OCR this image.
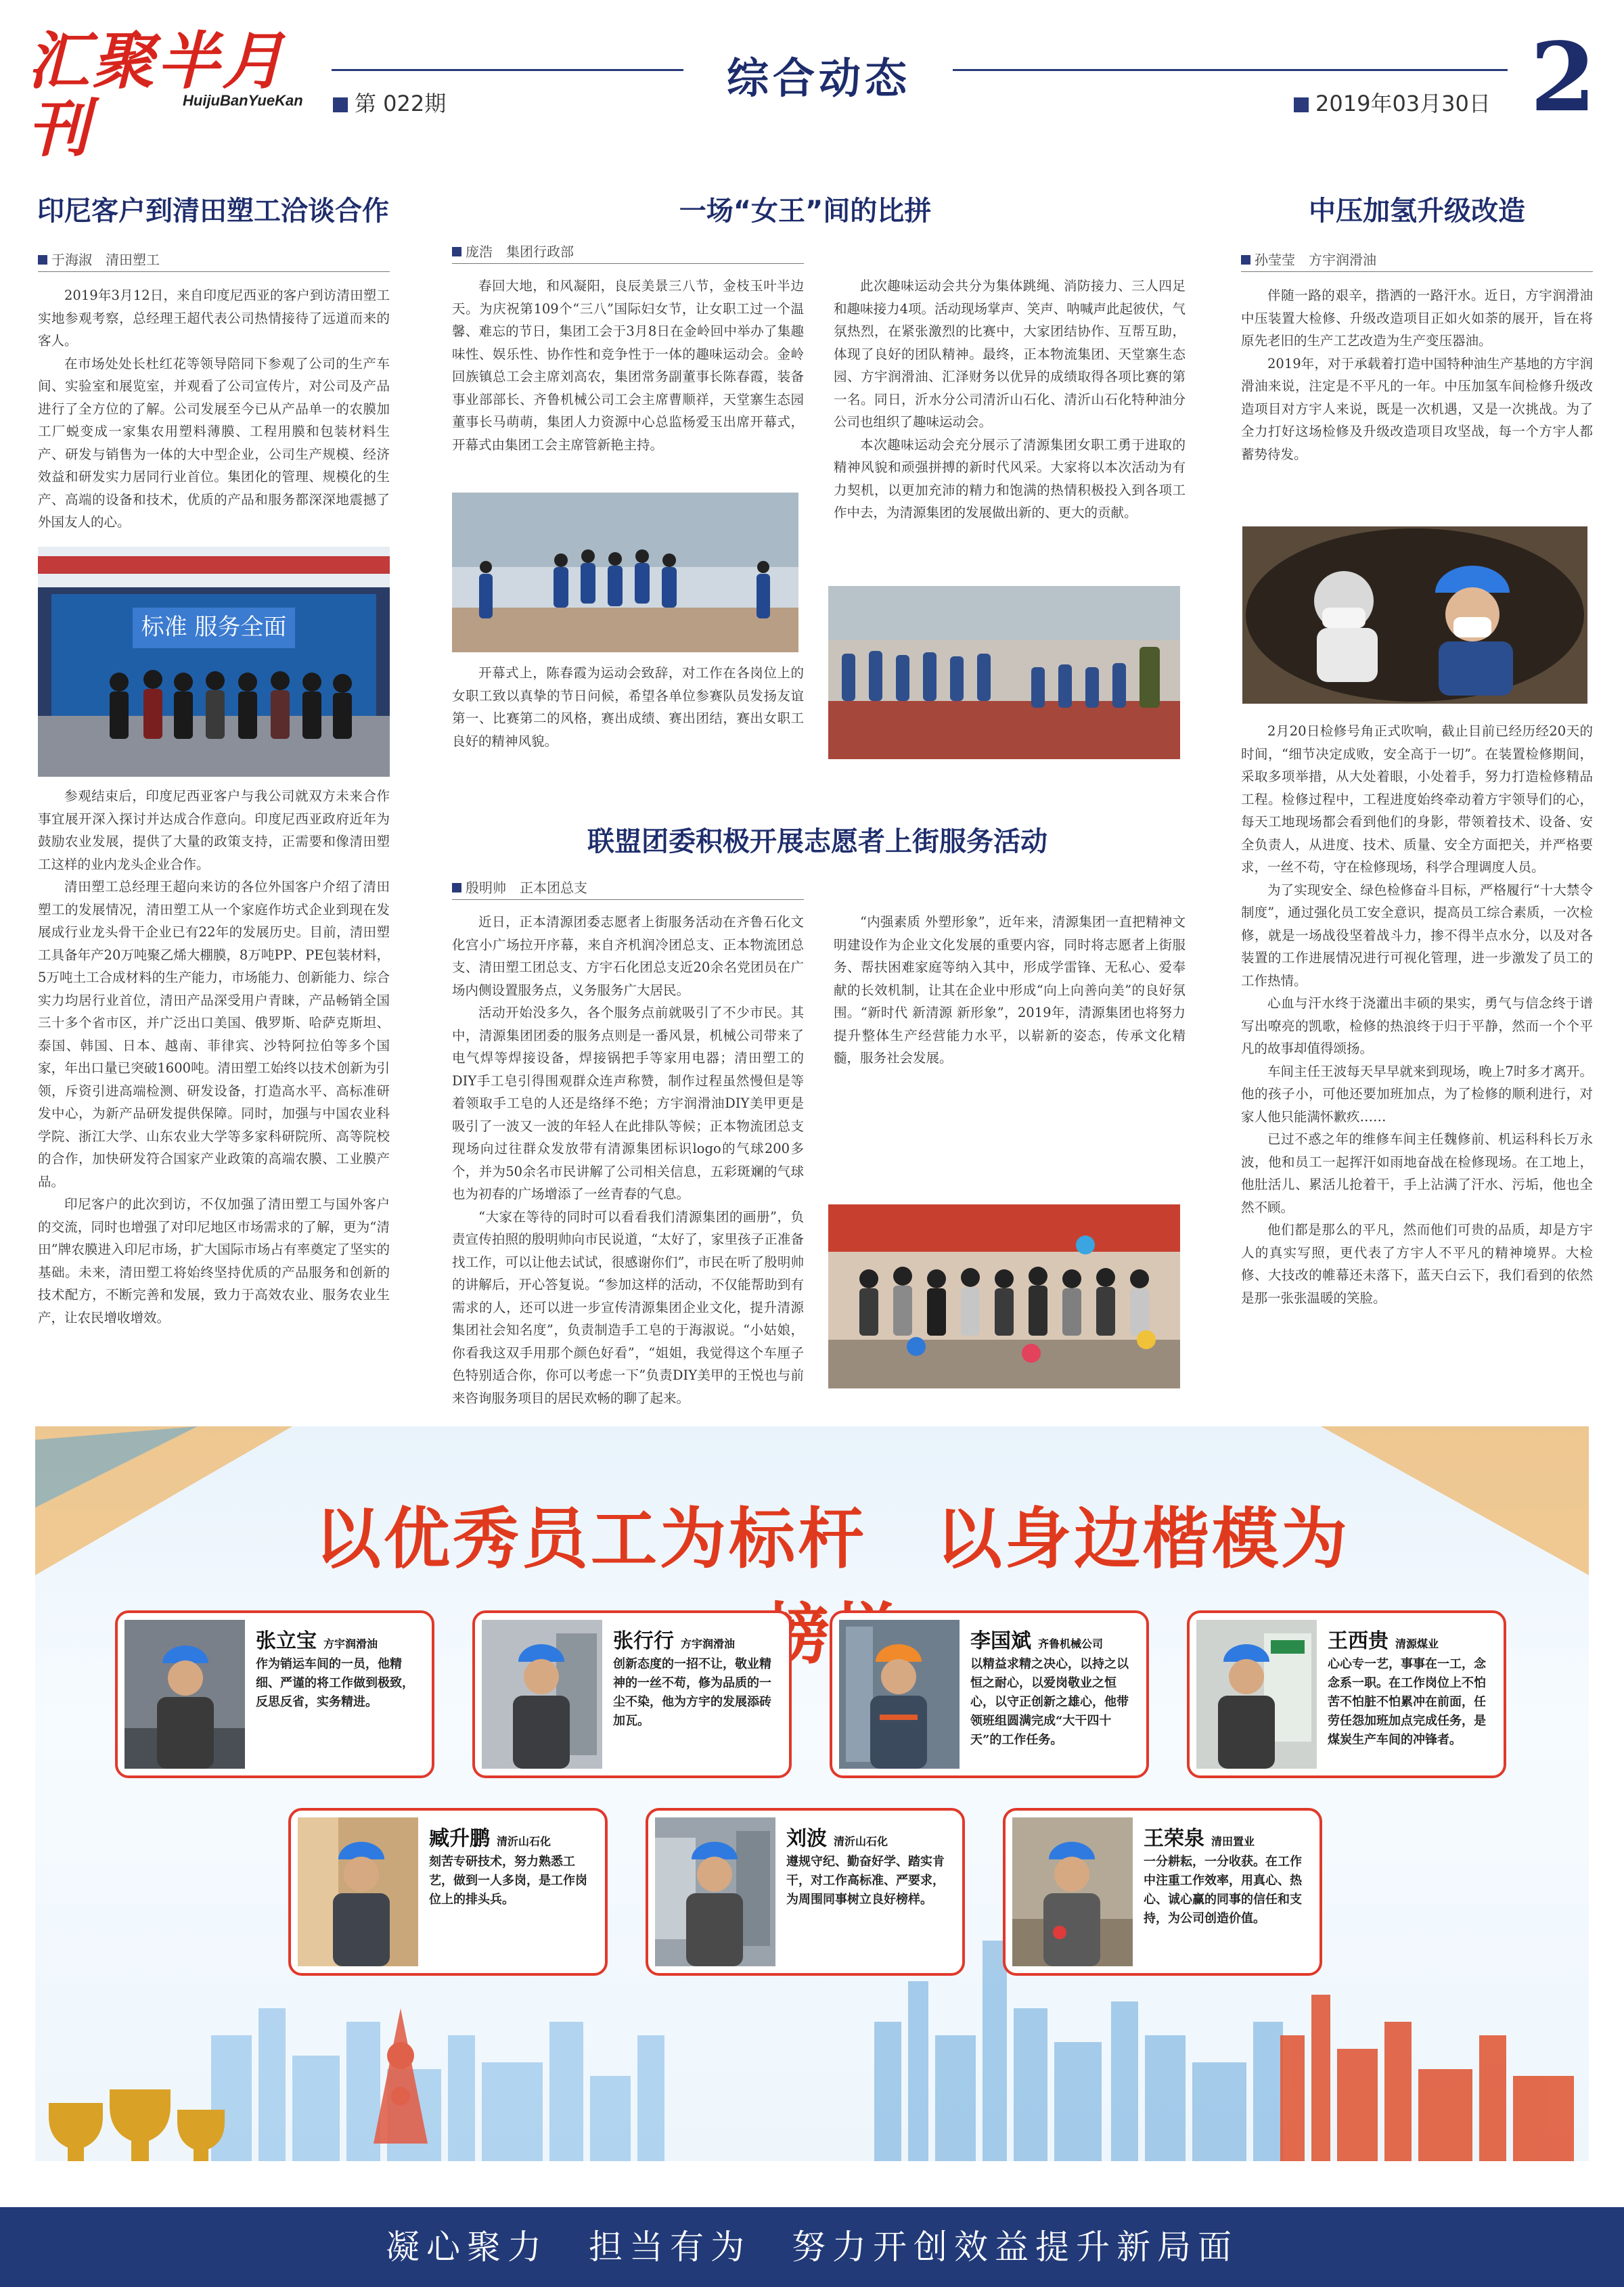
汇聚半月刊	HuijuBanYueKan	第 022期
综合动态
2019年03月30日 2
印尼客户到清田塑工洽谈合作
于海淑　清田塑工
2019年3月12日，来自印度尼西亚的客户到访清田塑工实地参观考察，总经理王超代表公司热情接待了远道而来的客人。
在市场处处长杜红花等领导陪同下参观了公司的生产车间、实验室和展览室，并观看了公司宣传片，对公司及产品进行了全方位的了解。公司发展至今已从产品单一的农膜加工厂蜕变成一家集农用塑料薄膜、工程用膜和包装材料生产、研发与销售为一体的大中型企业，公司生产规模、经济效益和研发实力居同行业首位。集团化的管理、规模化的生产、高端的设备和技术，优质的产品和服务都深深地震撼了外国友人的心。
标准 服务全面
参观结束后，印度尼西亚客户与我公司就双方未来合作事宜展开深入探讨并达成合作意向。印度尼西亚政府近年为鼓励农业发展，提供了大量的政策支持，正需要和像清田塑工这样的业内龙头企业合作。
清田塑工总经理王超向来访的各位外国客户介绍了清田塑工的发展情况，清田塑工从一个家庭作坊式企业到现在发展成行业龙头骨干企业已有22年的发展历史。目前，清田塑工具备年产20万吨聚乙烯大棚膜，8万吨PP、PE包装材料，5万吨土工合成材料的生产能力，市场能力、创新能力、综合实力均居行业首位，清田产品深受用户青睐，产品畅销全国三十多个省市区，并广泛出口美国、俄罗斯、哈萨克斯坦、泰国、韩国、日本、越南、菲律宾、沙特阿拉伯等多个国家，年出口量已突破1600吨。清田塑工始终以技术创新为引领，斥资引进高端检测、研发设备，打造高水平、高标准研发中心，为新产品研发提供保障。同时，加强与中国农业科学院、浙江大学、山东农业大学等多家科研院所、高等院校的合作，加快研发符合国家产业政策的高端农膜、工业膜产品。
印尼客户的此次到访，不仅加强了清田塑工与国外客户的交流，同时也增强了对印尼地区市场需求的了解，更为“清田”牌农膜进入印尼市场，扩大国际市场占有率奠定了坚实的基础。未来，清田塑工将始终坚持优质的产品服务和创新的技术配方，不断完善和发展，致力于高效农业、服务农业生产，让农民增收增效。
一场“女王”间的比拼
庞浩　集团行政部
春回大地，和风凝阳，良辰美景三八节，金枝玉叶半边天。为庆祝第109个“三八”国际妇女节，让女职工过一个温馨、难忘的节日，集团工会于3月8日在金岭回中举办了集趣味性、娱乐性、协作性和竞争性于一体的趣味运动会。金岭回族镇总工会主席刘高农，集团常务副董事长陈春霞，装备事业部部长、齐鲁机械公司工会主席曹顺祥，天堂寨生态园董事长马萌萌，集团人力资源中心总监杨爱玉出席开幕式，开幕式由集团工会主席管新艳主持。
开幕式上，陈春霞为运动会致辞，对工作在各岗位上的女职工致以真挚的节日问候，希望各单位参赛队员发扬友谊第一、比赛第二的风格，赛出成绩、赛出团结，赛出女职工良好的精神风貌。
此次趣味运动会共分为集体跳绳、消防接力、三人四足和趣味接力4项。活动现场掌声、笑声、呐喊声此起彼伏，气氛热烈，在紧张激烈的比赛中，大家团结协作、互帮互助，体现了良好的团队精神。最终，正本物流集团、天堂寨生态园、方宇润滑油、汇泽财务以优异的成绩取得各项比赛的第一名。同日，沂水分公司清沂山石化、清沂山石化特种油分公司也组织了趣味运动会。
本次趣味运动会充分展示了清源集团女职工勇于进取的精神风貌和顽强拼搏的新时代风采。大家将以本次活动为有力契机，以更加充沛的精力和饱满的热情积极投入到各项工作中去，为清源集团的发展做出新的、更大的贡献。
联盟团委积极开展志愿者上街服务活动
殷明帅　正本团总支
近日，正本清源团委志愿者上街服务活动在齐鲁石化文化宫小广场拉开序幕，来自齐机润冷团总支、正本物流团总支、清田塑工团总支、方宇石化团总支近20余名党团员在广场内侧设置服务点，义务服务广大居民。
活动开始没多久，各个服务点前就吸引了不少市民。其中，清源集团团委的服务点则是一番风景，机械公司带来了电气焊等焊接设备，焊接锅把手等家用电器；清田塑工的DIY手工皂引得围观群众连声称赞，制作过程虽然慢但是等着领取手工皂的人还是络绎不绝；方宇润滑油DIY美甲更是吸引了一波又一波的年轻人在此排队等候；正本物流团总支现场向过往群众发放带有清源集团标识logo的气球200多个，并为50余名市民讲解了公司相关信息，五彩斑斓的气球也为初春的广场增添了一丝青春的气息。
“大家在等待的同时可以看看我们清源集团的画册”，负责宣传拍照的殷明帅向市民说道，“太好了，家里孩子正准备找工作，可以让他去试试，很感谢你们”，市民在听了殷明帅的讲解后，开心答复说。“参加这样的活动，不仅能帮助到有需求的人，还可以进一步宣传清源集团企业文化，提升清源集团社会知名度”，负责制造手工皂的于海淑说。“小姑娘，你看我这双手用那个颜色好看”，“姐姐，我觉得这个车厘子色特别适合你，你可以考虑一下”负责DIY美甲的王悦也与前来咨询服务项目的居民欢畅的聊了起来。
“内强素质 外塑形象”，近年来，清源集团一直把精神文明建设作为企业文化发展的重要内容，同时将志愿者上街服务、帮扶困难家庭等纳入其中，形成学雷锋、无私心、爱奉献的长效机制，让其在企业中形成“向上向善向美”的良好氛围。“新时代 新清源 新形象”，2019年，清源集团也将努力提升整体生产经营能力水平，以崭新的姿态，传承文化精髓，服务社会发展。
中压加氢升级改造
孙莹莹　方宇润滑油
伴随一路的艰辛，揩洒的一路汗水。近日，方宇润滑油中压装置大检修、升级改造项目正如火如荼的展开，旨在将原先老旧的生产工艺改造为生产变压器油。
2019年，对于承载着打造中国特种油生产基地的方宇润滑油来说，注定是不平凡的一年。中压加氢车间检修升级改造项目对方宇人来说，既是一次机遇，又是一次挑战。为了全力打好这场检修及升级改造项目攻坚战，每一个方宇人都蓄势待发。
2月20日检修号角正式吹响，截止目前已经历经20天的时间，“细节决定成败，安全高于一切”。在装置检修期间，采取多项举措，从大处着眼，小处着手，努力打造检修精品工程。检修过程中，工程进度始终牵动着方宇领导们的心，每天工地现场都会看到他们的身影，带领着技术、设备、安全负责人，从进度、技术、质量、安全方面把关，并严格要求，一丝不苟，守在检修现场，科学合理调度人员。
为了实现安全、绿色检修奋斗目标，严格履行“十大禁令制度”，通过强化员工安全意识，提高员工综合素质，一次检修，就是一场战役坚着战斗力，掺不得半点水分，以及对各装置的工作进展情况进行可视化管理，进一步激发了员工的工作热情。
心血与汗水终于浇灌出丰硕的果实，勇气与信念终于谱写出嘹亮的凯歌，检修的热浪终于归于平静，然而一个个平凡的故事却值得颂扬。
车间主任王波每天早早就来到现场，晚上7时多才离开。他的孩子小，可他还要加班加点，为了检修的顺利进行，对家人他只能满怀歉疚……
已过不惑之年的维修车间主任魏修前、机运科科长万永波，他和员工一起挥汗如雨地奋战在检修现场。在工地上，他肚活儿、累活儿抢着干，手上沾满了汗水、污垢，他也全然不顾。
他们都是那么的平凡，然而他们可贵的品质，却是方宇人的真实写照，更代表了方宇人不平凡的精神境界。大检修、大技改的帷幕还未落下，蓝天白云下，我们看到的依然是那一张张温暖的笑脸。
以优秀员工为标杆　以身边楷模为榜
张立宝 方宇润滑油
作为销运车间的一员，他精细、严谨的将工作做到极致，反思反省，实务精进。
张行行 方宇润滑油
创新态度的一招不让，敬业精神的一丝不苟，修为品质的一尘不染，他为方宇的发展添砖加瓦。
李国斌 齐鲁机械公司
以精益求精之决心，以持之以恒之耐心，以爱岗敬业之恒心，以守正创新之雄心，他带领班组圆满完成“大干四十天”的工作任务。
王西贵 清源煤业
心心专一艺，事事在一工，念念系一职。在工作岗位上不怕苦不怕脏不怕累冲在前面，任劳任怨加班加点完成任务，是煤炭生产车间的冲锋者。
臧升鹏 清沂山石化
刻苦专研技术，努力熟悉工艺，做到一人多岗，是工作岗位上的排头兵。
刘波 清沂山石化
遵规守纪、勤奋好学、踏实肯干，对工作高标准、严要求，为周围同事树立良好榜样。
王荣泉 清田置业
一分耕耘，一分收获。在工作中注重工作效率，用真心、热心、诚心赢的同事的信任和支持，为公司创造价值。
凝心聚力　担当有为　努力开创效益提升新局面
